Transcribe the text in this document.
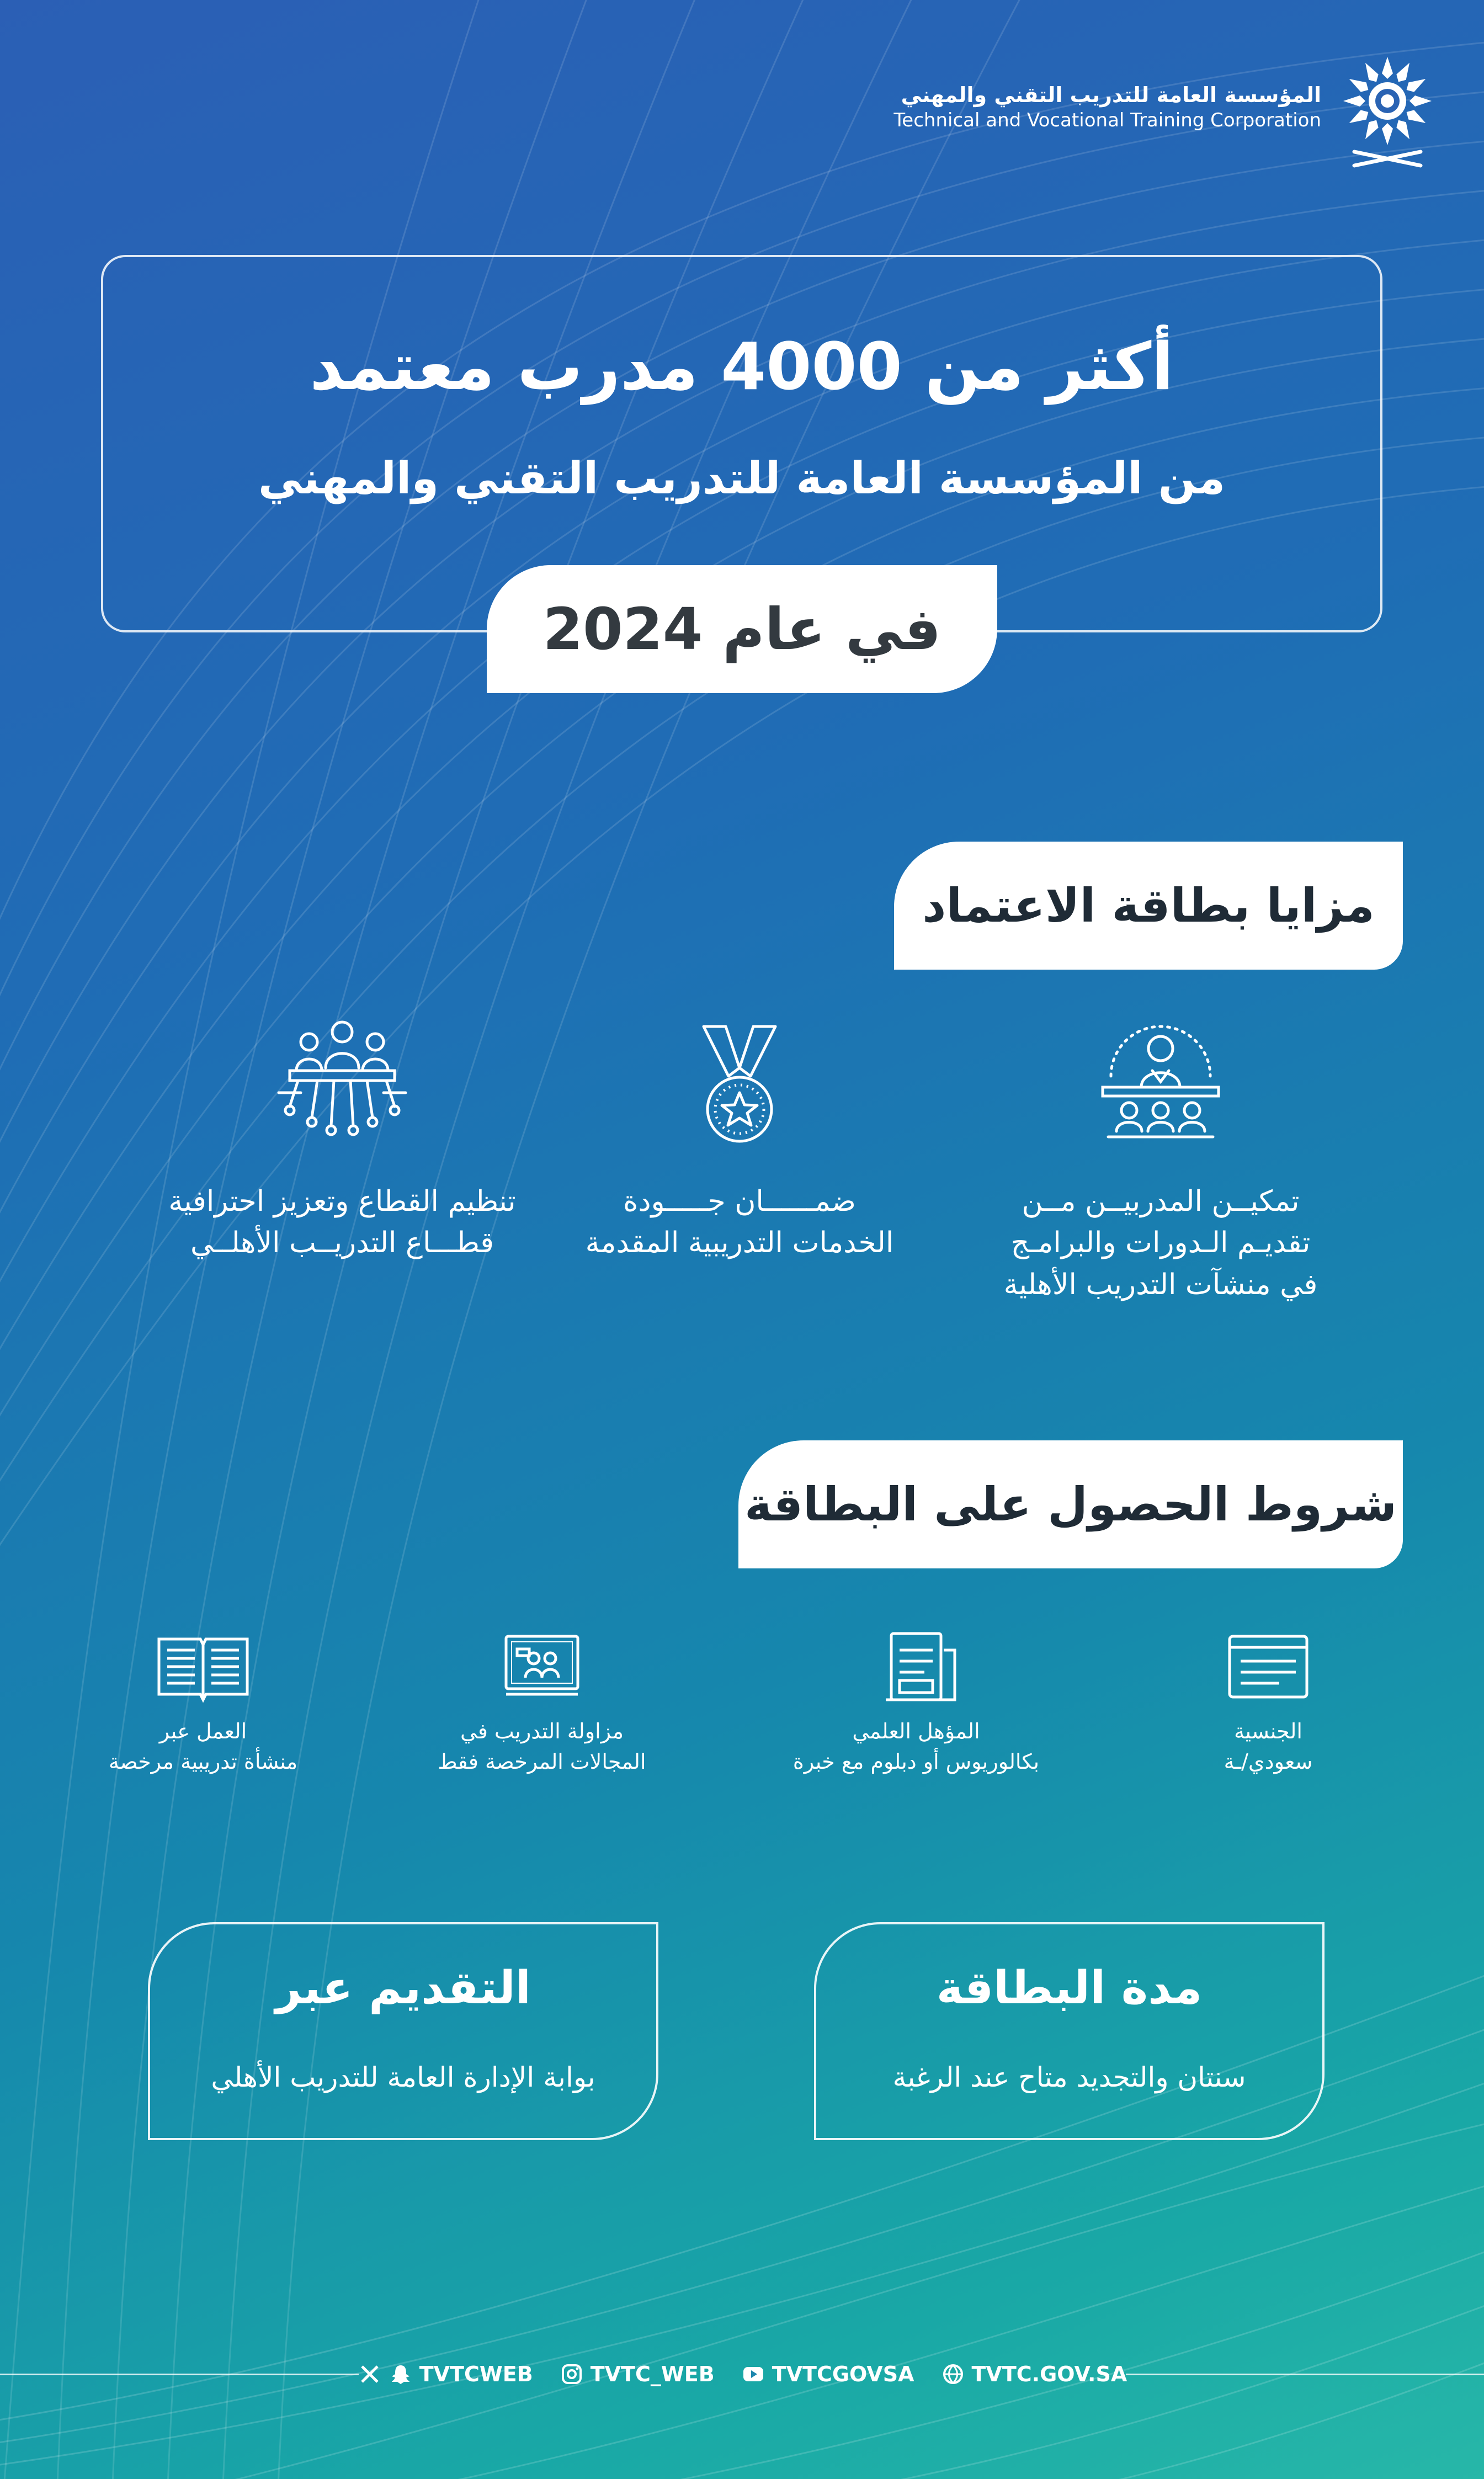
المؤسسة العامة للتدريب التقني والمهني
Technical and Vocational Training Corporation
أكثر من 4000 مدرب معتمد
من المؤسسة العامة للتدريب التقني والمهني
في عام 2024
مزايا بطاقة الاعتماد
تمكيــن المدربيــن مــن
تقديـم الـدورات والبرامـج
في منشآت التدريب الأهلية
ضمــــــان جـــــودة
الخدمات التدريبية المقدمة
تنظيم القطاع وتعزيز احترافية
قطـــاع التدريــب الأهلــي
شروط الحصول على البطاقة
الجنسية
سعودي/ـة
المؤهل العلمي
بكالوريوس أو دبلوم مع خبرة
مزاولة التدريب في
المجالات المرخصة فقط
العمل عبر
منشأة تدريبية مرخصة
مدة البطاقة
سنتان والتجديد متاح عند الرغبة
التقديم عبر
بوابة الإدارة العامة للتدريب الأهلي
TVTCWEB	TVTC_WEB	TVTCGOVSA	TVTC.GOV.SA
